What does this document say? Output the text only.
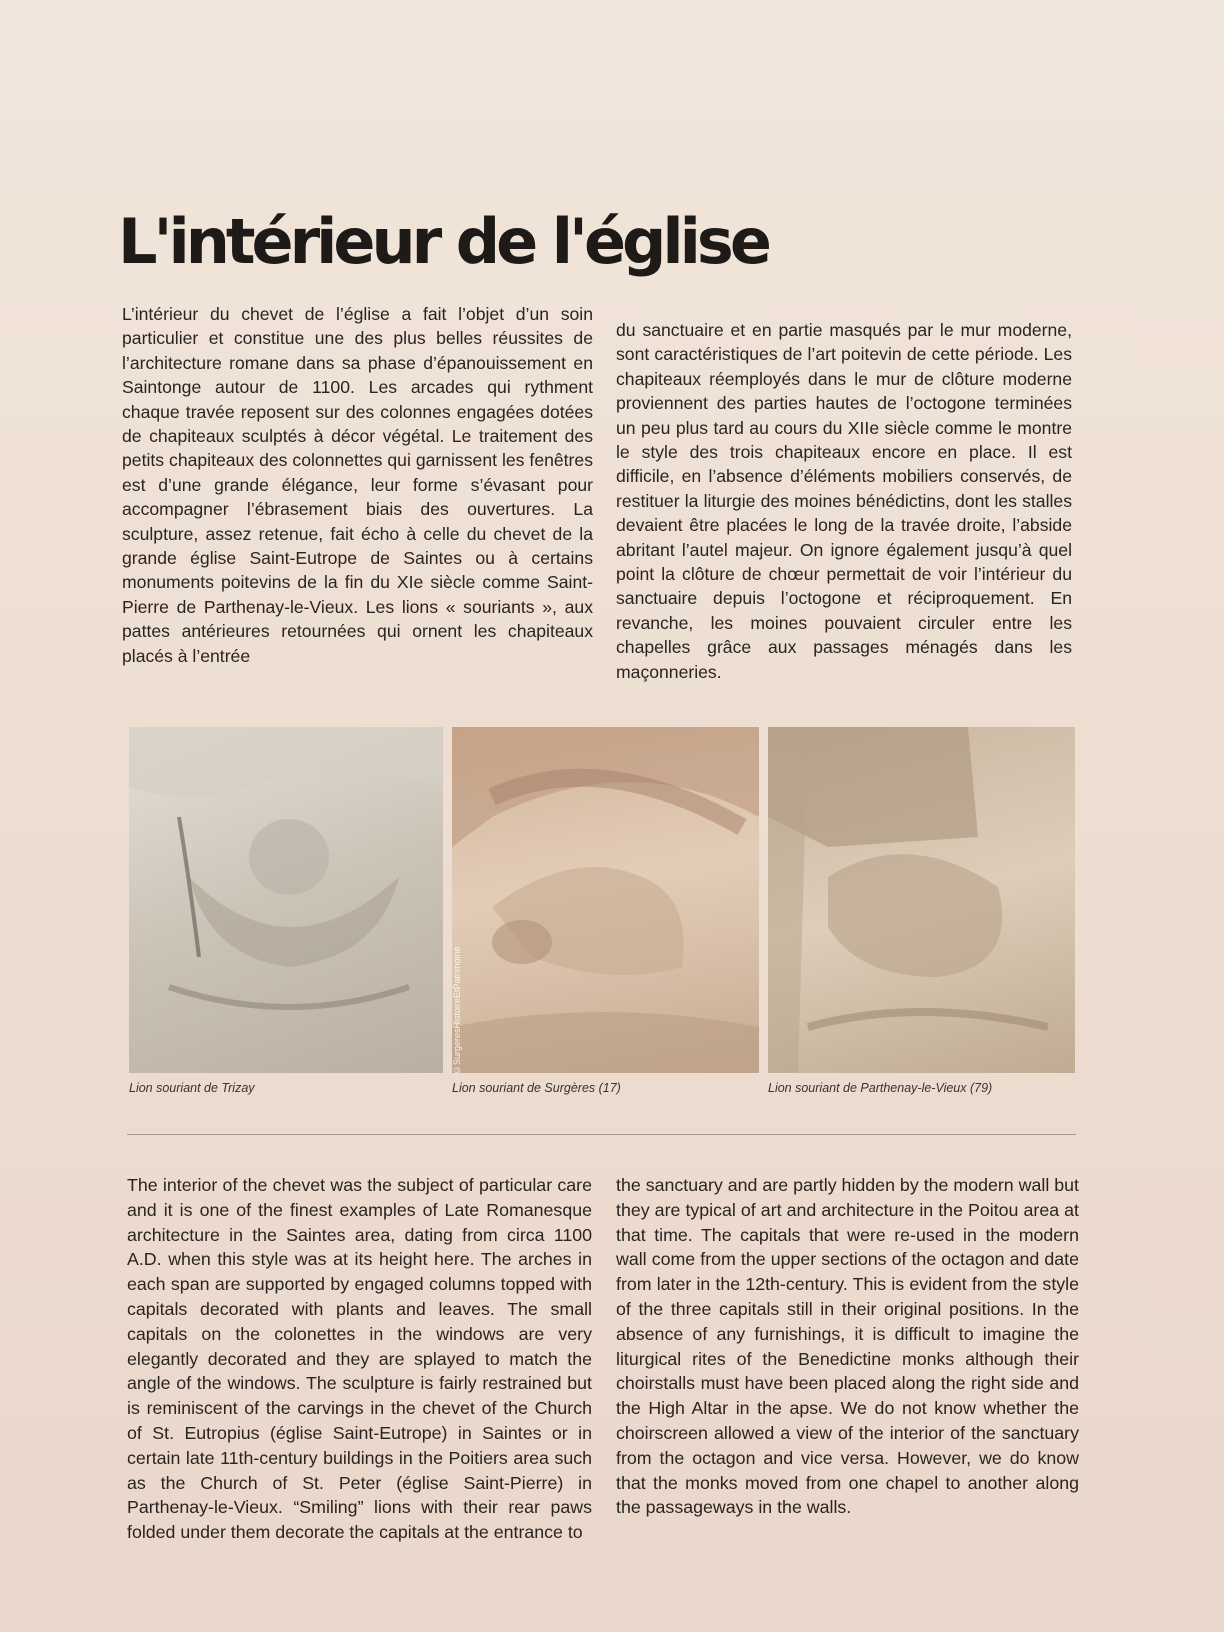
L'intérieur de l'église

L’intérieur du chevet de l’église a fait l’objet d’un soin particulier et constitue une des plus belles réussites de l’architecture romane dans sa phase d’épanouissement en Saintonge autour de 1100. Les arcades qui rythment chaque travée reposent sur des colonnes engagées dotées de chapiteaux sculptés à décor végétal. Le traitement des petits chapiteaux des colonnettes qui garnissent les fenêtres est d’une grande élégance, leur forme s’évasant pour accompagner l’ébrasement biais des ouvertures. La sculpture, assez retenue, fait écho à celle du chevet de la grande église Saint-Eutrope de Saintes ou à certains monuments poitevins de la fin du XIe siècle comme Saint-Pierre de Parthenay-le-Vieux. Les lions « souriants », aux pattes antérieures retournées qui ornent les chapiteaux placés à l’entrée

du sanctuaire et en partie masqués par le mur moderne, sont caractéristiques de l’art poitevin de cette période. Les chapiteaux réemployés dans le mur de clôture moderne proviennent des parties hautes de l’octogone terminées un peu plus tard au cours du XIIe siècle comme le montre le style des trois chapiteaux encore en place. Il est difficile, en l’absence d’éléments mobiliers conservés, de restituer la liturgie des moines bénédictins, dont les stalles devaient être placées le long de la travée droite, l’abside abritant l’autel majeur. On ignore également jusqu’à quel point la clôture de chœur permettait de voir l’intérieur du sanctuaire depuis l’octogone et réciproquement. En revanche, les moines pouvaient circuler entre les chapelles grâce aux passages ménagés dans les maçonneries.

©SurgeresHistoireEtPatrimoine

Lion souriant de Trizay	Lion souriant de Surgères (17)	Lion souriant de Parthenay-le-Vieux (79)

The interior of the chevet was the subject of particular care and it is one of the finest examples of Late Romanesque architecture in the Saintes area, dating from circa 1100 A.D. when this style was at its height here. The arches in each span are supported by engaged columns topped with capitals decorated with plants and leaves. The small capitals on the colonettes in the windows are very elegantly decorated and they are splayed to match the angle of the windows. The sculpture is fairly restrained but is reminiscent of the carvings in the chevet of the Church of St. Eutropius (église Saint-Eutrope) in Saintes or in certain late 11th-century buildings in the Poitiers area such as the Church of St. Peter (église Saint-Pierre) in Parthenay-le-Vieux. “Smiling” lions with their rear paws folded under them decorate the capitals at the entrance to

the sanctuary and are partly hidden by the modern wall but they are typical of art and architecture in the Poitou area at that time. The capitals that were re-used in the modern wall come from the upper sections of the octagon and date from later in the 12th-century. This is evident from the style of the three capitals still in their original positions. In the absence of any furnishings, it is difficult to imagine the liturgical rites of the Benedictine monks although their choirstalls must have been placed along the right side and the High Altar in the apse. We do not know whether the choirscreen allowed a view of the interior of the sanctuary from the octagon and vice versa. However, we do know that the monks moved from one chapel to another along the passageways in the walls.
